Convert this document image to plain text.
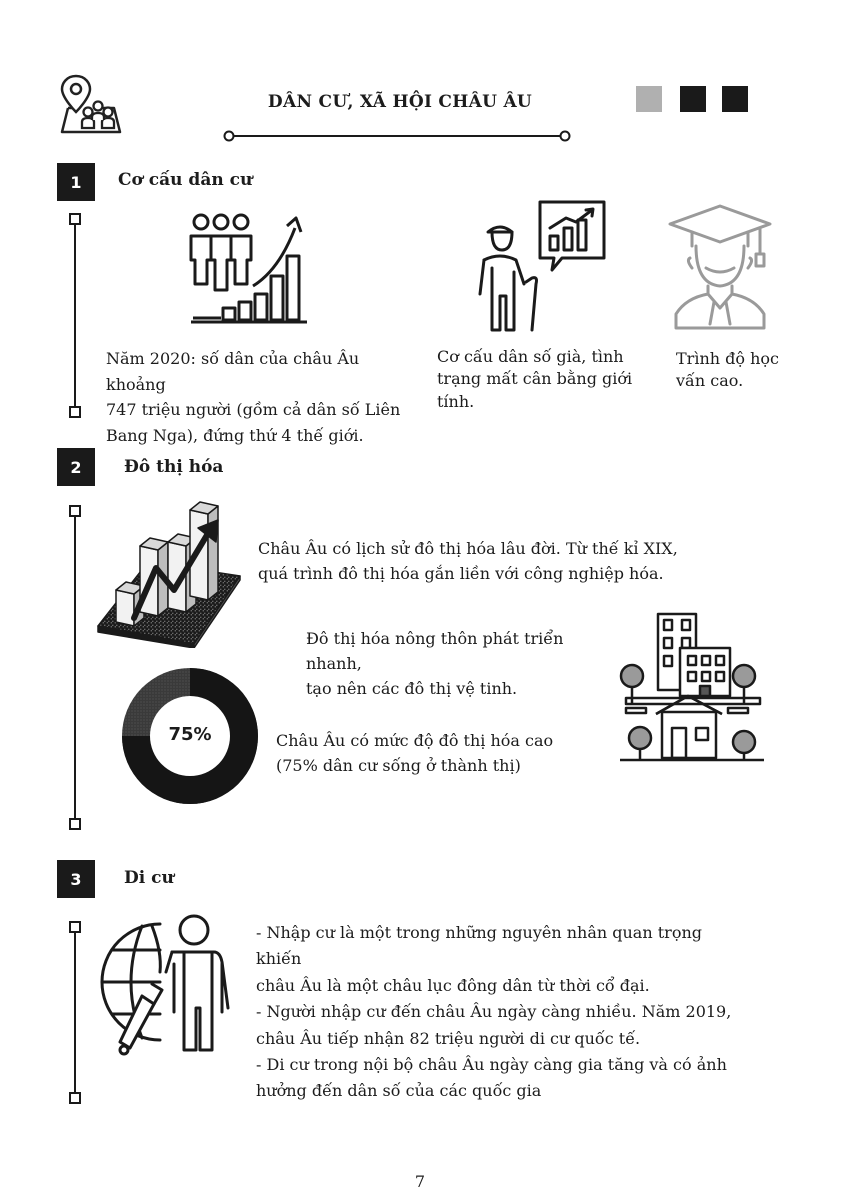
DÂN CƯ, XÃ HỘI CHÂU ÂU
1	Cơ cấu dân cư
Năm 2020: số dân của châu Âu khoảng
747 triệu người (gồm cả dân số Liên
Bang Nga), đứng thứ 4 thế giới.
Cơ cấu dân số già, tình
trạng mất cân bằng giới
tính.
Trình độ học
vấn cao.
2	Đô thị hóa
Châu Âu có lịch sử đô thị hóa lâu đời. Từ thế kỉ XIX,
quá trình đô thị hóa gắn liền với công nghiệp hóa.
Đô thị hóa nông thôn phát triển nhanh,
tạo nên các đô thị vệ tinh.
75%	Châu Âu có mức độ đô thị hóa cao
(75% dân cư sống ở thành thị)
3	Di cư
- Nhập cư là một trong những nguyên nhân quan trọng khiến
châu Âu là một châu lục đông dân từ thời cổ đại.
- Người nhập cư đến châu Âu ngày càng nhiều. Năm 2019,
châu Âu tiếp nhận 82 triệu người di cư quốc tế.
- Di cư trong nội bộ châu Âu ngày càng gia tăng và có ảnh
hưởng đến dân số của các quốc gia
7
